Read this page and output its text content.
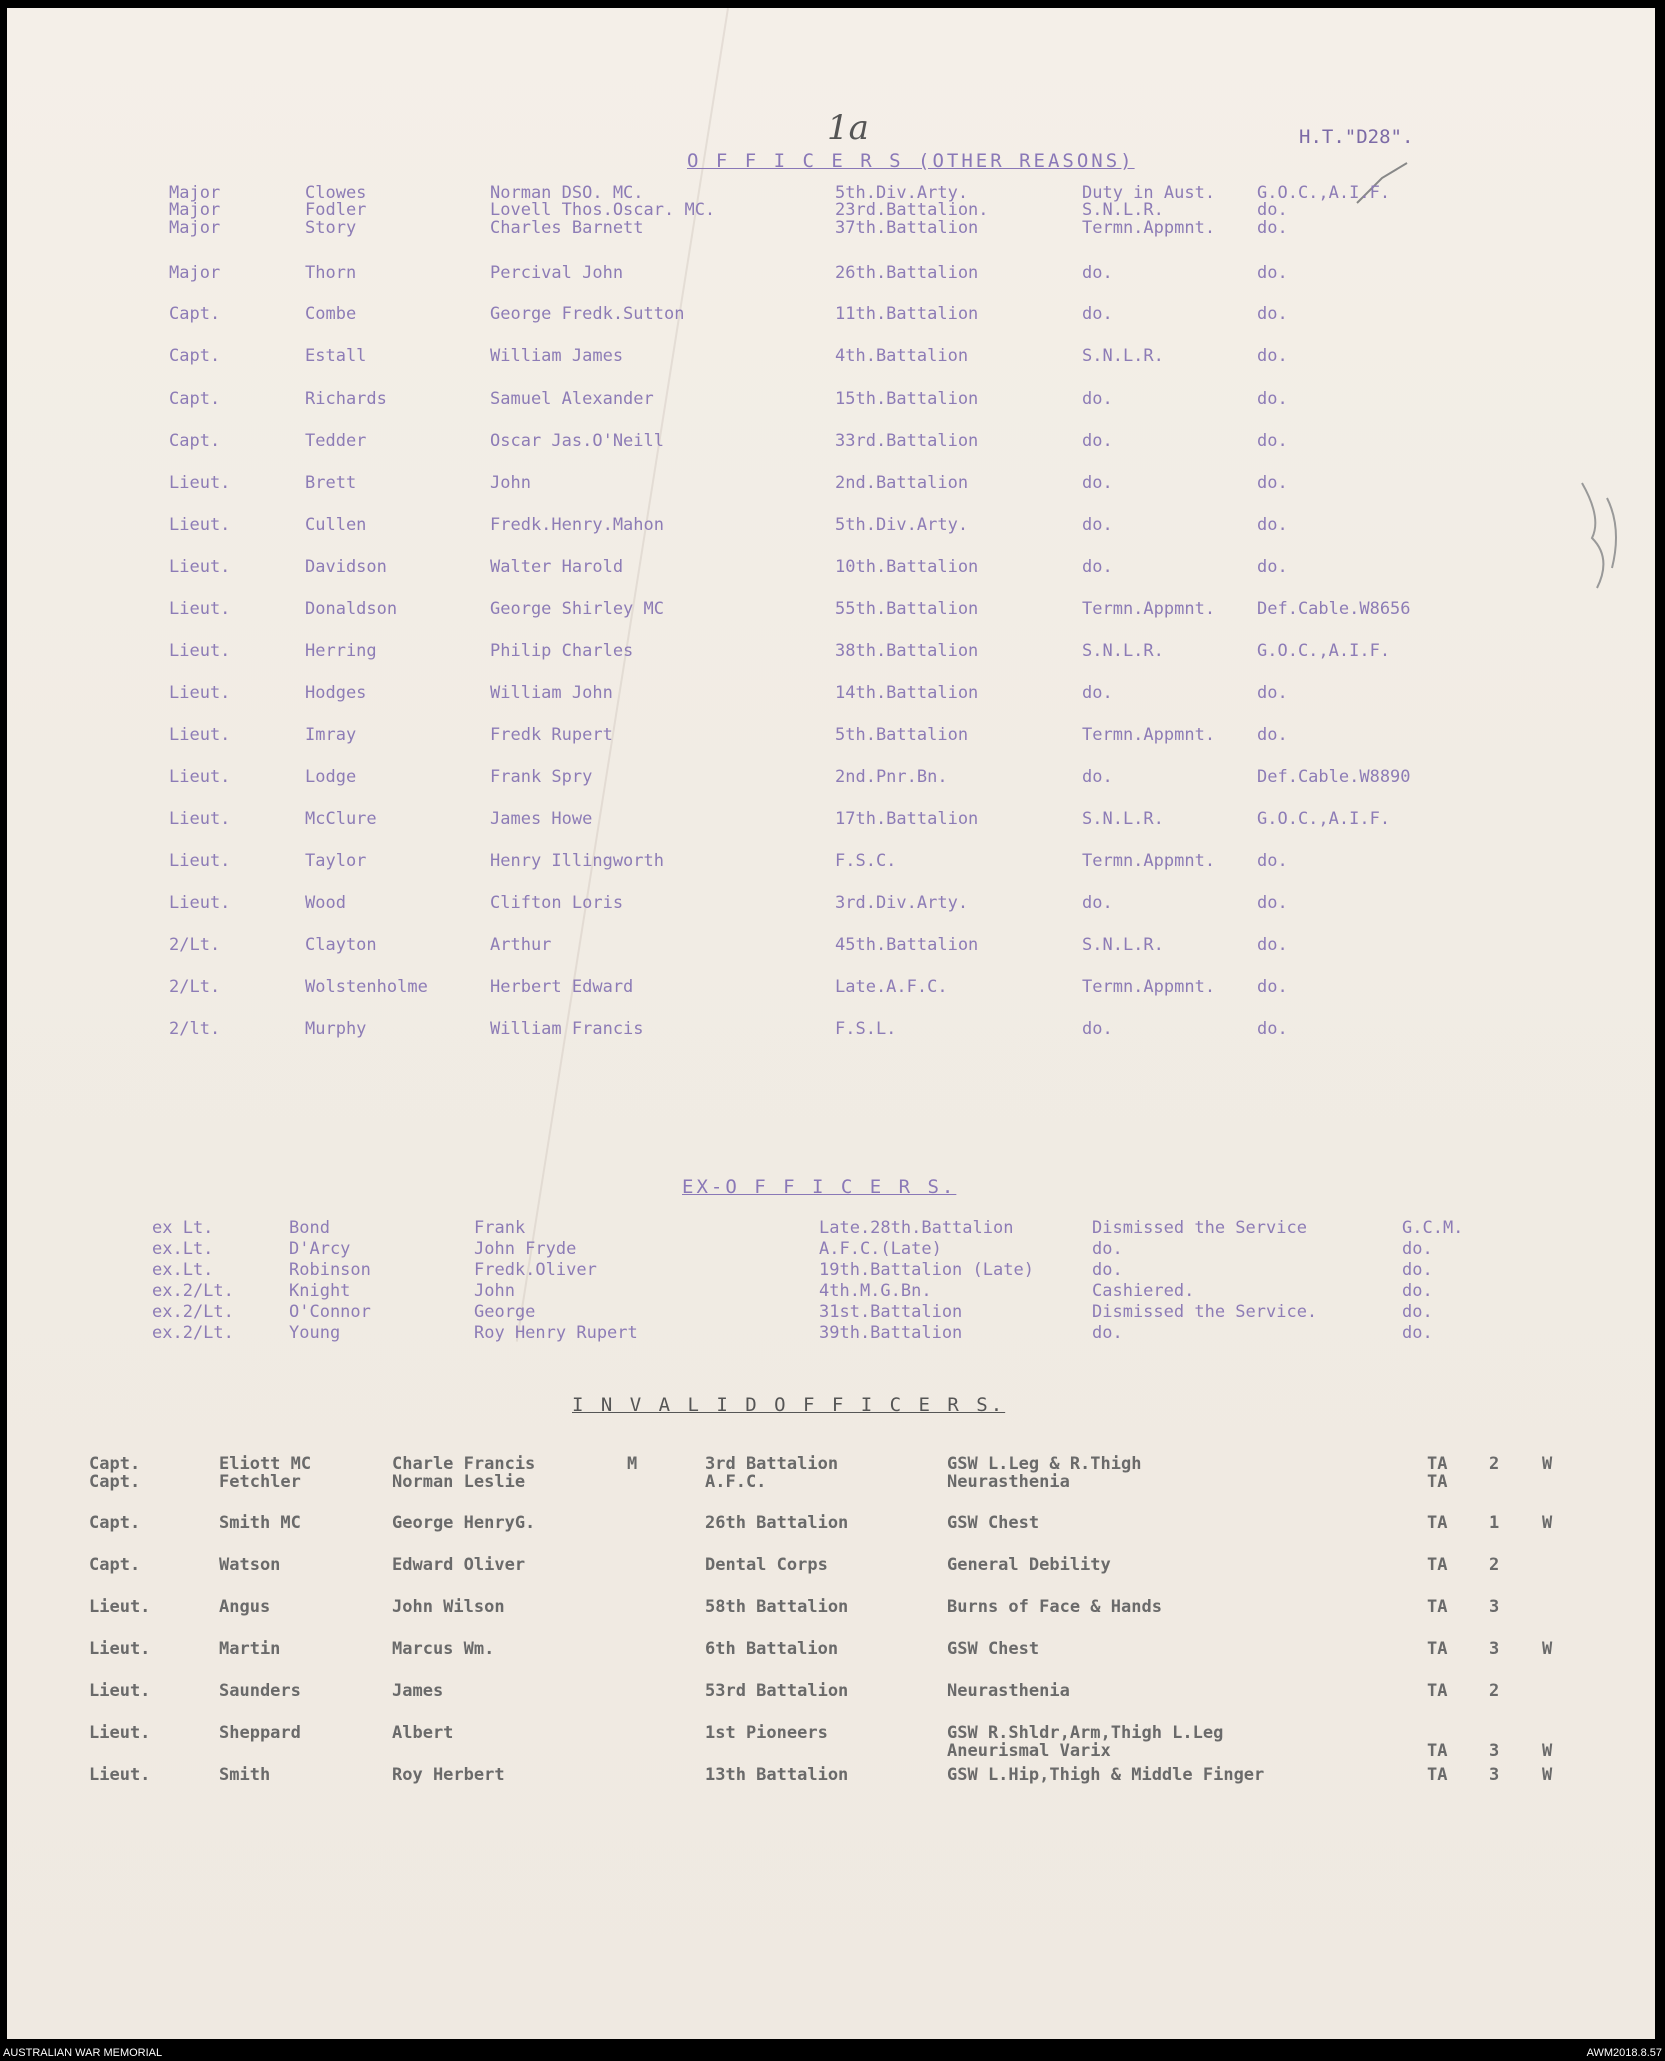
1a	H.T."D28".
O F F I C E R S (OTHER REASONS)
Major	Clowes	Norman DSO. MC.	5th.Div.Arty.	Duty in Aust. G.O.C.,A.I.F.
Major	Fodler	Lovell Thos.Oscar. MC.	23rd.Battalion.	S.N.L.R.	do.
Major	Story	Charles Barnett	37th.Battalion	Termn.Appmnt. do.
Major	Thorn	Percival John	26th.Battalion	do.	do.
Capt.	Combe	George Fredk.Sutton	11th.Battalion	do.	do.
Capt.	Estall	William James	4th.Battalion	S.N.L.R.	do.
Capt.	Richards	Samuel Alexander	15th.Battalion	do.	do.
Capt.	Tedder	Oscar Jas.O'Neill	33rd.Battalion	do.	do.
Lieut.	Brett	John	2nd.Battalion	do.	do.
Lieut.	Cullen	Fredk.Henry.Mahon	5th.Div.Arty.	do.	do.
Lieut.	Davidson	Walter Harold	10th.Battalion	do.	do.
Lieut.	Donaldson	George Shirley MC	55th.Battalion	Termn.Appmnt. Def.Cable.W8656
Lieut.	Herring	Philip Charles	38th.Battalion	S.N.L.R.	G.O.C.,A.I.F.
Lieut.	Hodges	William John	14th.Battalion	do.	do.
Lieut.	Imray	Fredk Rupert	5th.Battalion	Termn.Appmnt. do.
Lieut.	Lodge	Frank Spry	2nd.Pnr.Bn.	do.	Def.Cable.W8890
Lieut.	McClure	James Howe	17th.Battalion	S.N.L.R.	G.O.C.,A.I.F.
Lieut.	Taylor	Henry Illingworth	F.S.C.	Termn.Appmnt. do.
Lieut.	Wood	Clifton Loris	3rd.Div.Arty.	do.	do.
2/Lt.	Clayton	Arthur	45th.Battalion	S.N.L.R.	do.
2/Lt.	Wolstenholme	Herbert Edward	Late.A.F.C.	Termn.Appmnt. do.
2/lt.	Murphy	William Francis	F.S.L.	do.	do.
EX-O F F I C E R S.
ex Lt.	Bond	Frank	Late.28th.Battalion	Dismissed the Service	G.C.M.
ex.Lt.	D'Arcy	John Fryde	A.F.C.(Late)	do.	do.
ex.Lt.	Robinson	Fredk.Oliver	19th.Battalion (Late)	do.	do.
ex.2/Lt.	Knight	John	4th.M.G.Bn.	Cashiered.	do.
ex.2/Lt.	O'Connor	George	31st.Battalion	Dismissed the Service.	do.
ex.2/Lt.	Young	Roy Henry Rupert	39th.Battalion	do.	do.
I N V A L I D O F F I C E R S.
Capt.	Eliott MC	Charle Francis	M	3rd Battalion	GSW L.Leg & R.Thigh	TA 2	W
Capt.	Fetchler	Norman Leslie	A.F.C.	Neurasthenia	TA
Capt.	Smith MC	George HenryG.	26th Battalion	GSW Chest	TA 1	W
Capt.	Watson	Edward Oliver	Dental Corps	General Debility	TA 2
Lieut.	Angus	John Wilson	58th Battalion	Burns of Face & Hands	TA 3
Lieut.	Martin	Marcus Wm.	6th Battalion	GSW Chest	TA 3	W
Lieut.	Saunders	James	53rd Battalion	Neurasthenia	TA 2
Lieut.	Sheppard	Albert	1st Pioneers	GSW R.Shldr,Arm,Thigh L.Leg
Aneurismal Varix	TA 3	W
Lieut.	Smith	Roy Herbert	13th Battalion	GSW L.Hip,Thigh & Middle Finger	TA 3	W
AUSTRALIAN WAR MEMORIAL	AWM2018.8.57
